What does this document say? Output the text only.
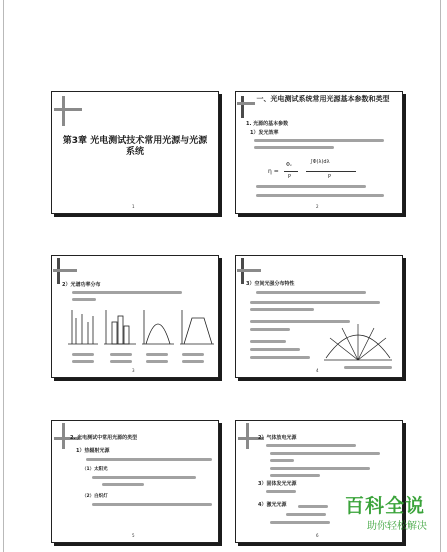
第3章 光电测试技术常用光源与光源系统
1
一、光电测试系统常用光源基本参数和类型
1. 光源的基本参数
1）发光效率
η =
Φᵥ
P
∫Φ(λ)dλ
P
2
2）光谱功率分布
3
3）空间光强分布特性
4
2. 光电测试中常用光源的类型
1）热辐射光源
（1）太阳光
（2）白炽灯
5
2）气体放电光源
3）固体发光光源
4）激光光源
6
百科全说
助你轻松解决
